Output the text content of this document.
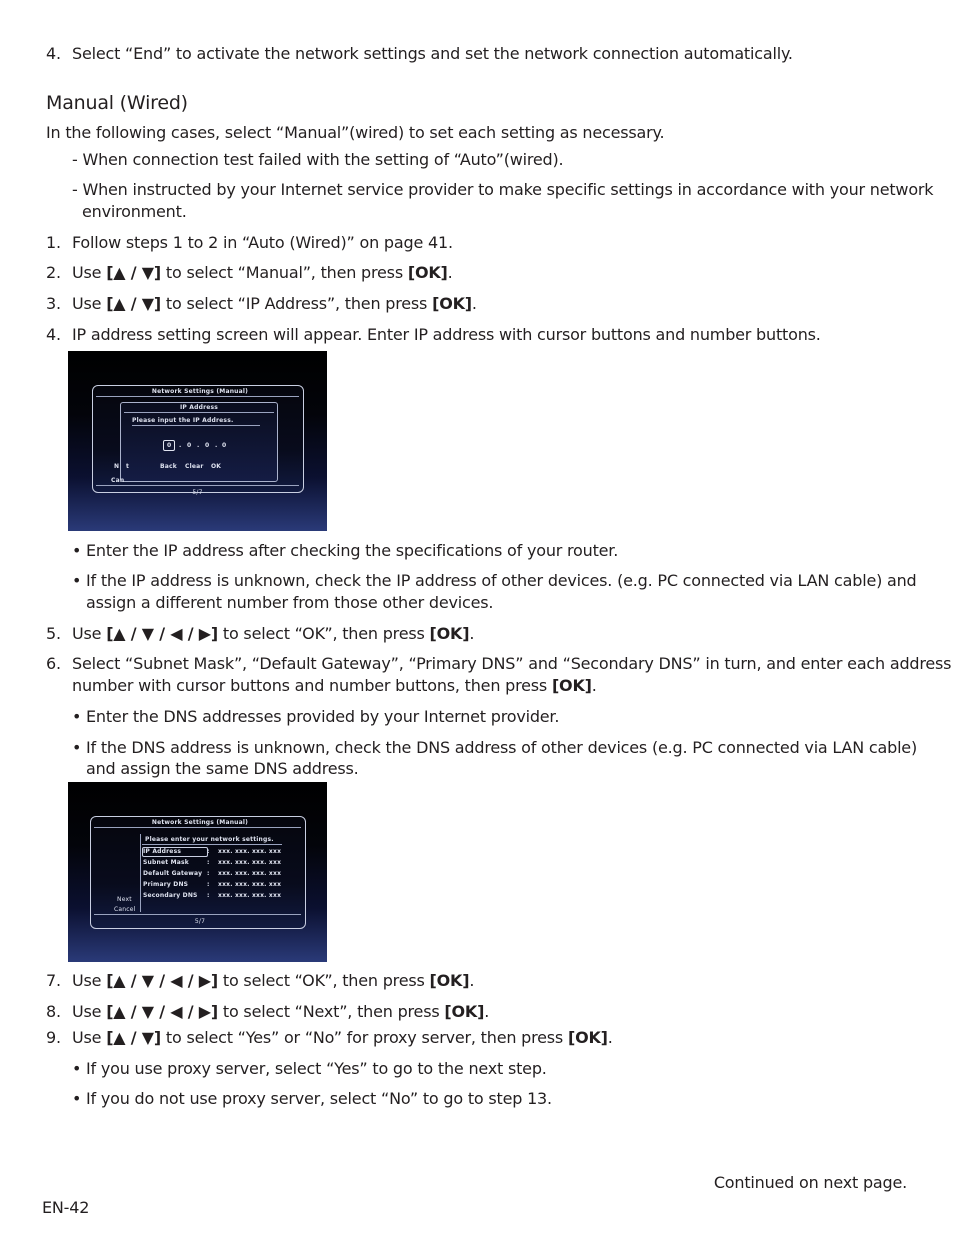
4. Select “End” to activate the network settings and set the network connection automatically.
Manual (Wired)
In the following cases, select “Manual”(wired) to set each setting as necessary.
- When connection test failed with the setting of “Auto”(wired).
- When instructed by your Internet service provider to make specific settings in accordance with your network
environment.
1. Follow steps 1 to 2 in “Auto (Wired)” on page 41.
2. Use [▲ / ▼] to select “Manual”, then press [OK].
3. Use [▲ / ▼] to select “IP Address”, then press [OK].
4. IP address setting screen will appear. Enter IP address with cursor buttons and number buttons.
Network Settings (Manual)
IP Address
Please input the IP Address.
0 . 0 . 0 . 0
N t	Back Clear OK
Can
5/7
• Enter the IP address after checking the specifications of your router.
• If the IP address is unknown, check the IP address of other devices. (e.g. PC connected via LAN cable) and
assign a different number from those other devices.
5. Use [▲ / ▼ / ◀ / ▶] to select “OK”, then press [OK].
6. Select “Subnet Mask”, “Default Gateway”, “Primary DNS” and “Secondary DNS” in turn, and enter each address
number with cursor buttons and number buttons, then press [OK].
• Enter the DNS addresses provided by your Internet provider.
• If the DNS address is unknown, check the DNS address of other devices (e.g. PC connected via LAN cable)
and assign the same DNS address.
Network Settings (Manual)
Please enter your network settings.
IP Address	: xxx. xxx. xxx. xxx
Subnet Mask	: xxx. xxx. xxx. xxx
Default Gateway : xxx. xxx. xxx. xxx
Primary DNS	: xxx. xxx. xxx. xxx
Secondary DNS : xxx. xxx. xxx. xxx
Next
Cancel
5/7
7. Use [▲ / ▼ / ◀ / ▶] to select “OK”, then press [OK].
8. Use [▲ / ▼ / ◀ / ▶] to select “Next”, then press [OK].
9. Use [▲ / ▼] to select “Yes” or “No” for proxy server, then press [OK].
• If you use proxy server, select “Yes” to go to the next step.
• If you do not use proxy server, select “No” to go to step 13.
Continued on next page.
EN-42
